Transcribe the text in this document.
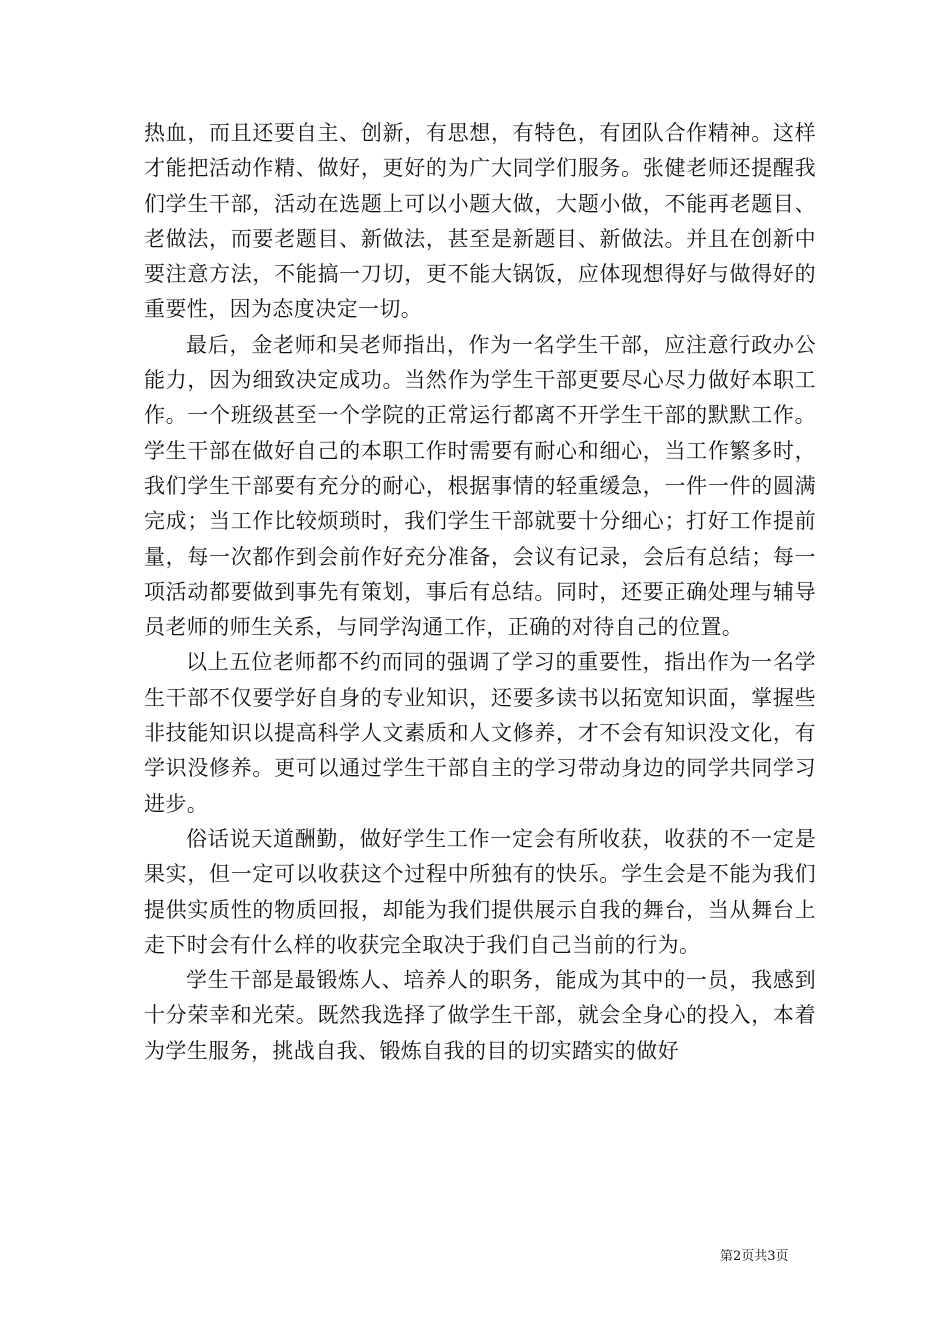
热血，而且还要自主、创新，有思想，有特色，有团队合作精神。这样才能把活动作精、做好，更好的为广大同学们服务。张健老师还提醒我们学生干部，活动在选题上可以小题大做，大题小做，不能再老题目、老做法，而要老题目、新做法，甚至是新题目、新做法。并且在创新中要注意方法，不能搞一刀切，更不能大锅饭，应体现想得好与做得好的重要性，因为态度决定一切。

最后，金老师和吴老师指出，作为一名学生干部，应注意行政办公能力，因为细致决定成功。当然作为学生干部更要尽心尽力做好本职工作。一个班级甚至一个学院的正常运行都离不开学生干部的默默工作。学生干部在做好自己的本职工作时需要有耐心和细心，当工作繁多时，我们学生干部要有充分的耐心，根据事情的轻重缓急，一件一件的圆满完成；当工作比较烦琐时，我们学生干部就要十分细心；打好工作提前量，每一次都作到会前作好充分准备，会议有记录，会后有总结；每一项活动都要做到事先有策划，事后有总结。同时，还要正确处理与辅导员老师的师生关系，与同学沟通工作，正确的对待自己的位置。

以上五位老师都不约而同的强调了学习的重要性，指出作为一名学生干部不仅要学好自身的专业知识，还要多读书以拓宽知识面，掌握些非技能知识以提高科学人文素质和人文修养，才不会有知识没文化，有学识没修养。更可以通过学生干部自主的学习带动身边的同学共同学习进步。

俗话说天道酬勤，做好学生工作一定会有所收获，收获的不一定是果实，但一定可以收获这个过程中所独有的快乐。学生会是不能为我们提供实质性的物质回报，却能为我们提供展示自我的舞台，当从舞台上走下时会有什么样的收获完全取决于我们自己当前的行为。

学生干部是最锻炼人、培养人的职务，能成为其中的一员，我感到十分荣幸和光荣。既然我选择了做学生干部，就会全身心的投入，本着为学生服务，挑战自我、锻炼自我的目的切实踏实的做好

第2页共3页
